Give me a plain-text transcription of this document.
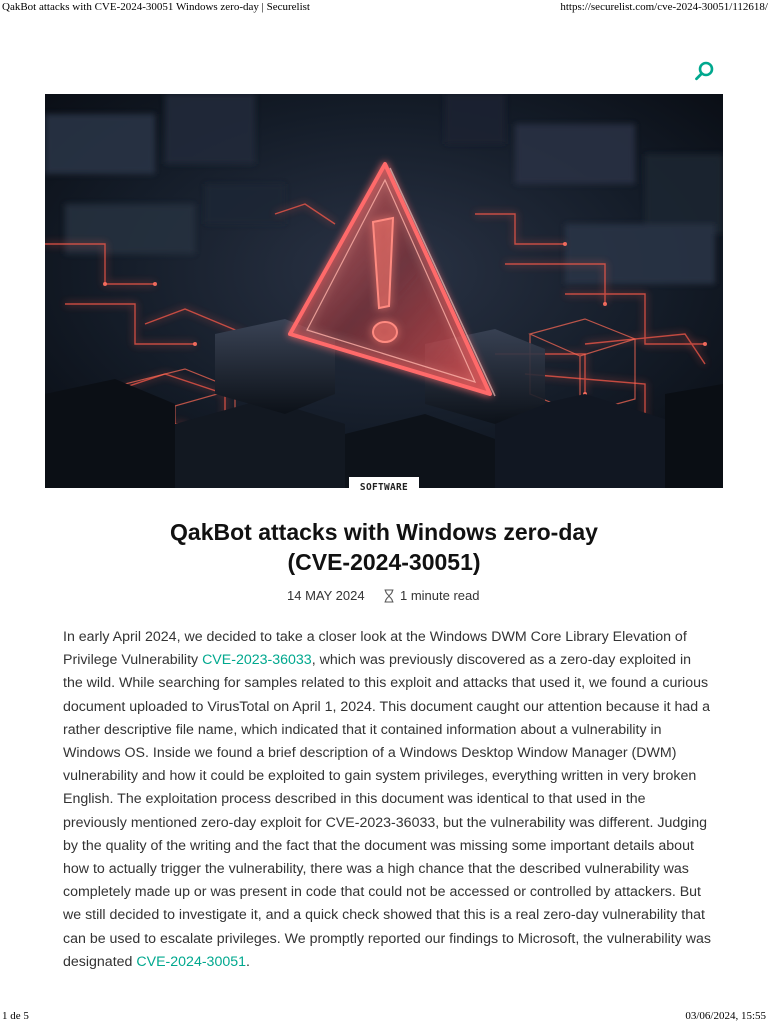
QakBot attacks with CVE-2024-30051 Windows zero-day | Securelist	https://securelist.com/cve-2024-30051/112618/
SOFTWARE
QakBot attacks with Windows zero-day
(CVE-2024-30051)
14 MAY 2024	1 minute read

In early April 2024, we decided to take a closer look at the Windows DWM Core Library Elevation of Privilege Vulnerability CVE-2023-36033, which was previously discovered as a zero-day exploited in the wild. While searching for samples related to this exploit and attacks that used it, we found a curious document uploaded to VirusTotal on April 1, 2024. This document caught our attention because it had a rather descriptive file name, which indicated that it contained information about a vulnerability in Windows OS. Inside we found a brief description of a Windows Desktop Window Manager (DWM) vulnerability and how it could be exploited to gain system privileges, everything written in very broken English. The exploitation process described in this document was identical to that used in the previously mentioned zero-day exploit for CVE-2023-36033, but the vulnerability was different. Judging by the quality of the writing and the fact that the document was missing some important details about how to actually trigger the vulnerability, there was a high chance that the described vulnerability was completely made up or was present in code that could not be accessed or controlled by attackers. But we still decided to investigate it, and a quick check showed that this is a real zero-day vulnerability that can be used to escalate privileges. We promptly reported our findings to Microsoft, the vulnerability was designated CVE-2024-30051.

1 de 5	03/06/2024, 15:55
